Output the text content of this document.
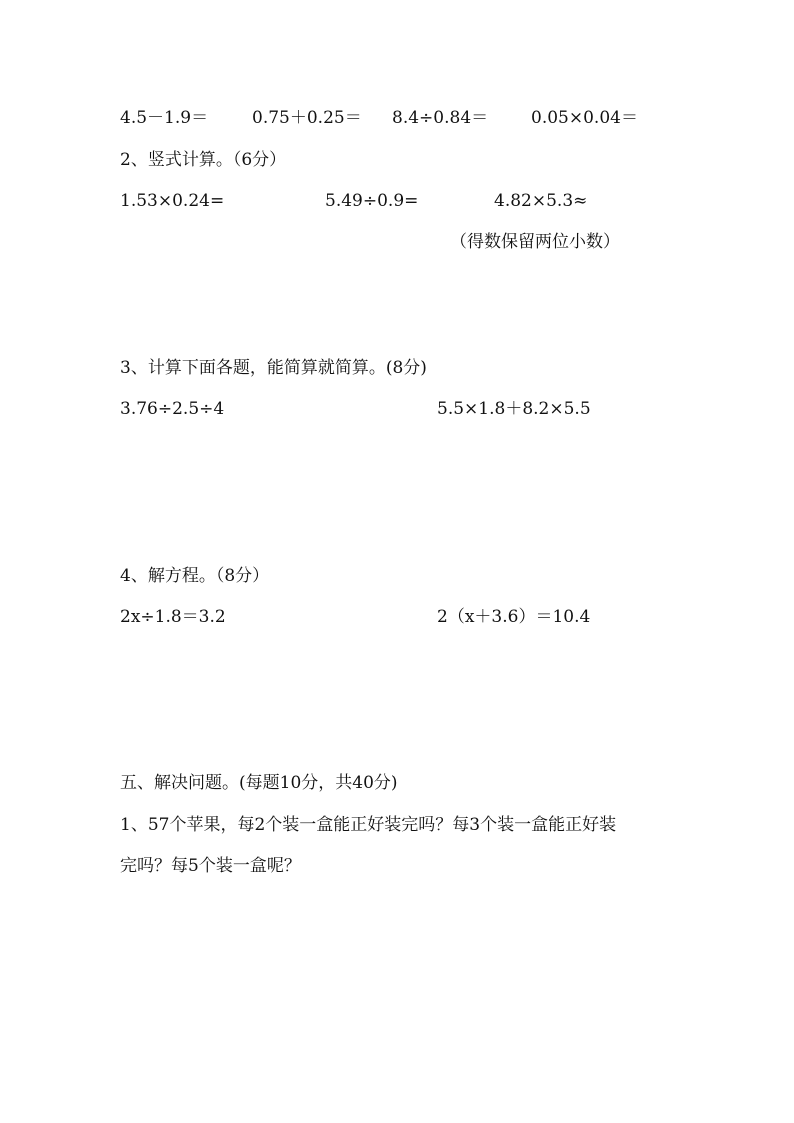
4.5－1.9＝	0.75＋0.25＝ 8.4÷0.84＝	0.05×0.04＝
2、竖式计算。（6分）
1.53×0.24=	5.49÷0.9=	4.82×5.3≈
（得数保留两位小数）
3、计算下面各题，能简算就简算。(8分)
3.76÷2.5÷4	5.5×1.8＋8.2×5.5
4、解方程。（8分）
2x÷1.8＝3.2	2（x＋3.6）＝10.4
五、解决问题。(每题10分，共40分)
1、57个苹果，每2个装一盒能正好装完吗？每3个装一盒能正好装
完吗？每5个装一盒呢？
